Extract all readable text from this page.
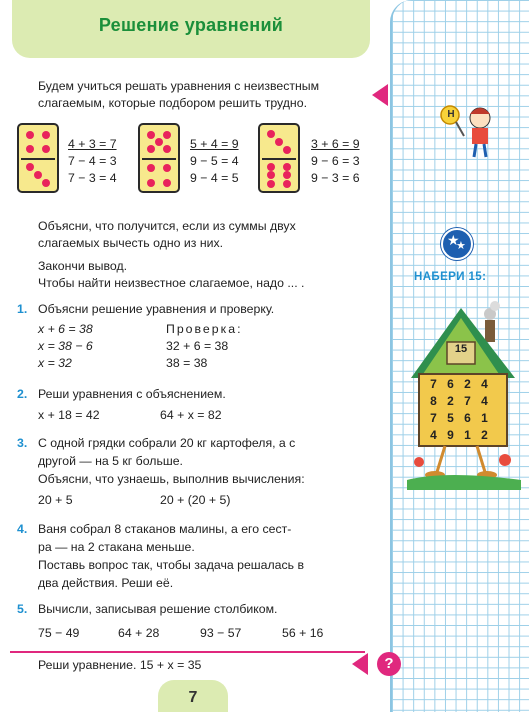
Решение уравнений
Будем учиться решать уравнения с неизвестным слагаемым, которые подбором решить трудно.
4 + 3 = 7
7 − 4 = 3
7 − 3 = 4
5 + 4 = 9
9 − 5 = 4
9 − 4 = 5
3 + 6 = 9
9 − 6 = 3
9 − 3 = 6
Объясни, что получится, если из суммы двух слагаемых вычесть одно из них.
Закончи вывод.
Чтобы найти неизвестное слагаемое, надо ... .
1. Объясни решение уравнения и проверку.
x + 6 = 38
x = 38 − 6
x = 32
Проверка:
32 + 6 = 38
38 = 38
2. Реши уравнения с объяснением.
x + 18 = 42	64 + x = 82
3. С одной грядки собрали 20 кг картофеля, а с
другой — на 5 кг больше.
Объясни, что узнаешь, выполнив вычисления:
20 + 5	20 + (20 + 5)
4. Ваня собрал 8 стаканов малины, а его сест-
ра — на 2 стакана меньше.
Поставь вопрос так, чтобы задача решалась в
два действия. Реши её.
5. Вычисли, записывая решение столбиком.
75 − 49	64 + 28	93 − 57	56 + 16
Реши уравнение. 15 + x = 35
7
Н
★
★
НАБЕРИ 15:
15
7 6 2 4
8 2 7 4
7 5 6 1
4 9 1 2
?
